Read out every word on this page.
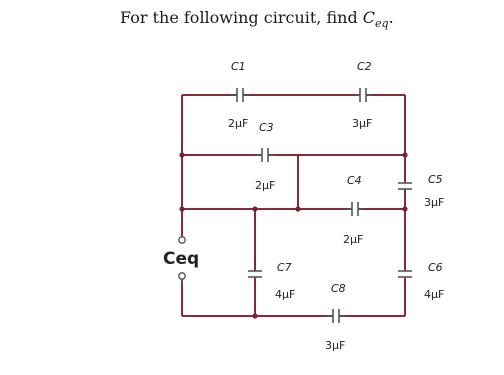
For the following circuit, find $C_{eq}$.
C1
2μF
C2
3μF
C3
2μF	C4
2μF
C5
3μF
C6
4μF
C7
4μF	C8
3μF
Ceq
